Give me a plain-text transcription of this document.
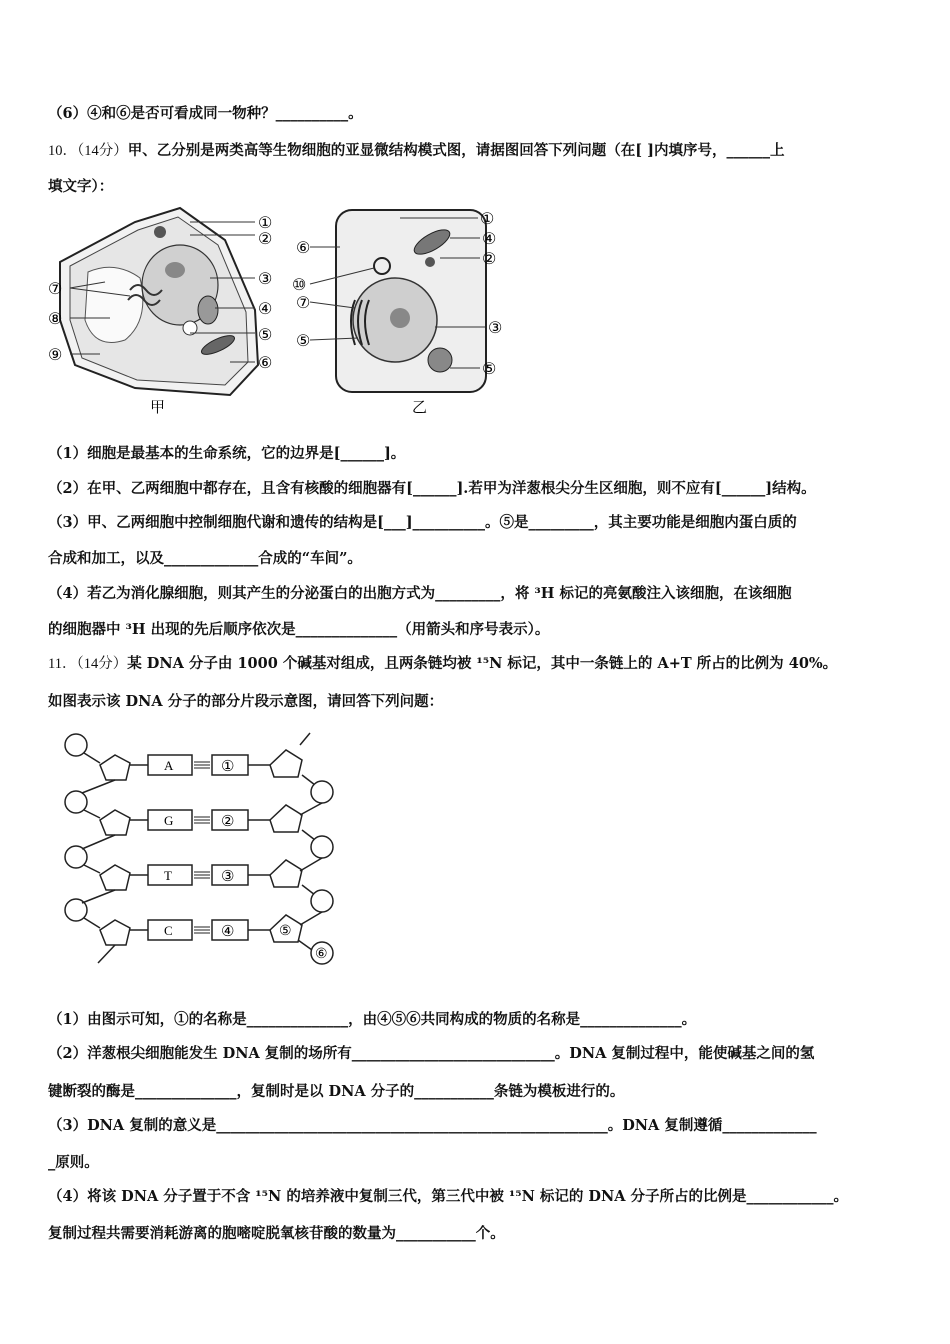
（6）④和⑥是否可看成同一物种？__________。
10．（14分）甲、乙分别是两类高等生物细胞的亚显微结构模式图，请据图回答下列问题（在[ ]内填序号，______上
填文字）：
甲
①
②
③
④
⑤
⑥
⑦
⑧
⑨
乙
①
④
②
⑥
⑩
⑦
⑤
③
⑤
（1）细胞是最基本的生命系统，它的边界是[______]。
（2）在甲、乙两细胞中都存在，且含有核酸的细胞器有[______].若甲为洋葱根尖分生区细胞，则不应有[______]结构。
（3）甲、乙两细胞中控制细胞代谢和遗传的结构是[___]__________。⑤是_________，其主要功能是细胞内蛋白质的
合成和加工，以及_____________合成的“车间”。
（4）若乙为消化腺细胞，则其产生的分泌蛋白的出胞方式为_________，将 ³H 标记的亮氨酸注入该细胞，在该细胞
的细胞器中 ³H 出现的先后顺序依次是______________（用箭头和序号表示）。
11．（14分）某 DNA 分子由 1000 个碱基对组成，且两条链均被 ¹⁵N 标记，其中一条链上的 A+T 所占的比例为 40%。
如图表示该 DNA 分子的部分片段示意图，请回答下列问题：
A
G
T
C
①
②
③
④	⑤
⑥
（1）由图示可知，①的名称是______________，由④⑤⑥共同构成的物质的名称是______________。
（2）洋葱根尖细胞能发生 DNA 复制的场所有____________________________。DNA 复制过程中，能使碱基之间的氢
键断裂的酶是______________，复制时是以 DNA 分子的___________条链为模板进行的。
（3）DNA 复制的意义是______________________________________________________。DNA 复制遵循_____________
_原则。
（4）将该 DNA 分子置于不含 ¹⁵N 的培养液中复制三代，第三代中被 ¹⁵N 标记的 DNA 分子所占的比例是____________。
复制过程共需要消耗游离的胞嘧啶脱氧核苷酸的数量为___________个。
